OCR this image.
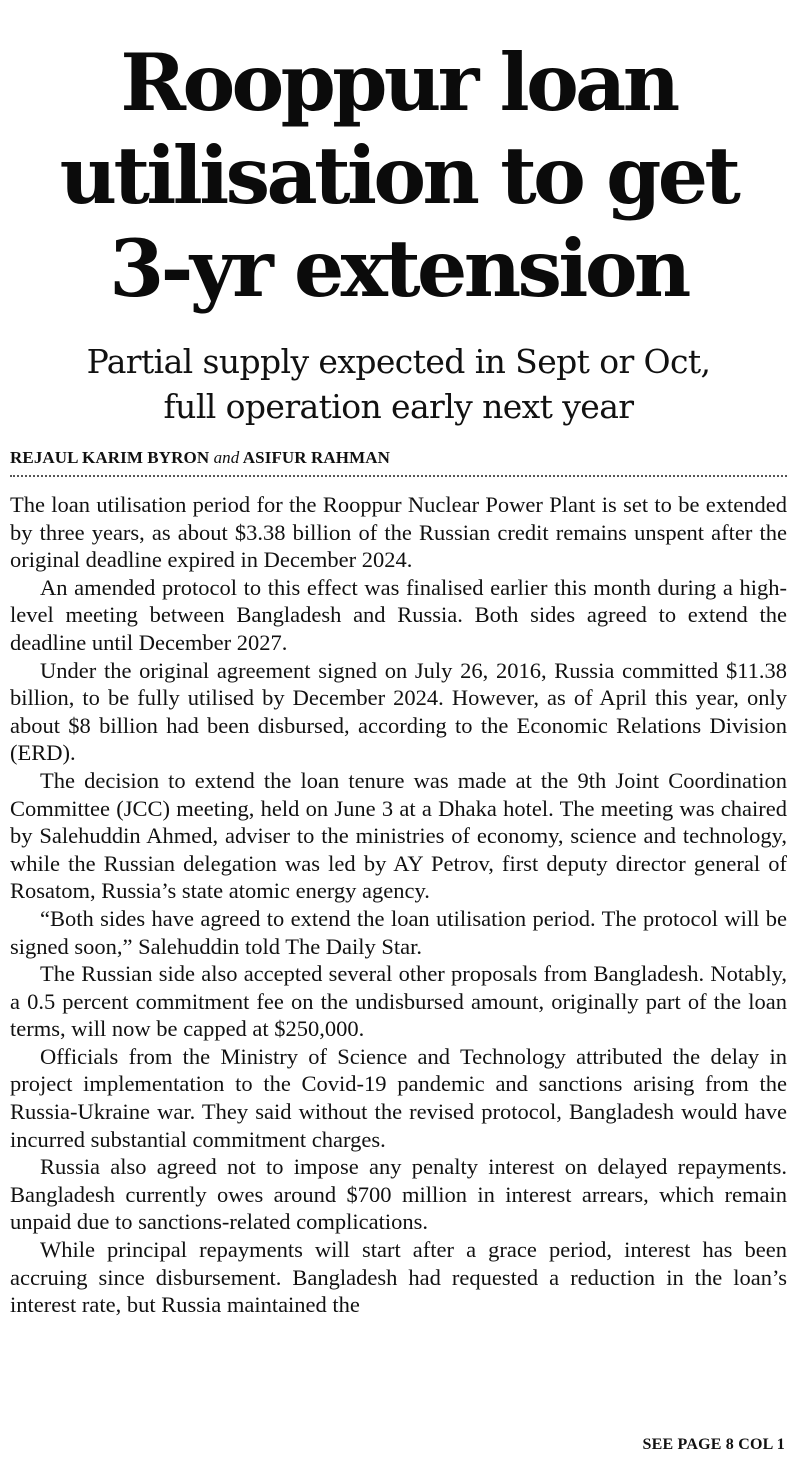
Rooppur loan
utilisation to get
3-yr extension
Partial supply expected in Sept or Oct,
full operation early next year
REJAUL KARIM BYRON and ASIFUR RAHMAN

The loan utilisation period for the Rooppur Nuclear Power Plant is set to be extended by three years, as about $3.38 billion of the Russian credit remains unspent after the original deadline expired in December 2024.

An amended protocol to this effect was finalised earlier this month during a high-level meeting between Bangladesh and Russia. Both sides agreed to extend the deadline until December 2027.

Under the original agreement signed on July 26, 2016, Russia committed $11.38 billion, to be fully utilised by December 2024. However, as of April this year, only about $8 billion had been disbursed, according to the Economic Relations Division (ERD).

The decision to extend the loan tenure was made at the 9th Joint Coordination Committee (JCC) meeting, held on June 3 at a Dhaka hotel. The meeting was chaired by Salehuddin Ahmed, adviser to the ministries of economy, science and technology, while the Russian delegation was led by AY Petrov, first deputy director general of Rosatom, Russia’s state atomic energy agency.

“Both sides have agreed to extend the loan utilisation period. The protocol will be signed soon,” Salehuddin told The Daily Star.

The Russian side also accepted several other proposals from Bangladesh. Notably, a 0.5 percent commitment fee on the undisbursed amount, originally part of the loan terms, will now be capped at $250,000.

Officials from the Ministry of Science and Technology attributed the delay in project implementation to the Covid-19 pandemic and sanctions arising from the Russia-Ukraine war. They said without the revised protocol, Bangladesh would have incurred substantial commitment charges.

Russia also agreed not to impose any penalty interest on delayed repayments. Bangladesh currently owes around $700 million in interest arrears, which remain unpaid due to sanctions-related complications.

While principal repayments will start after a grace period, interest has been accruing since disbursement. Bangladesh had requested a reduction in the loan’s interest rate, but Russia maintained the

SEE PAGE 8 COL 1
